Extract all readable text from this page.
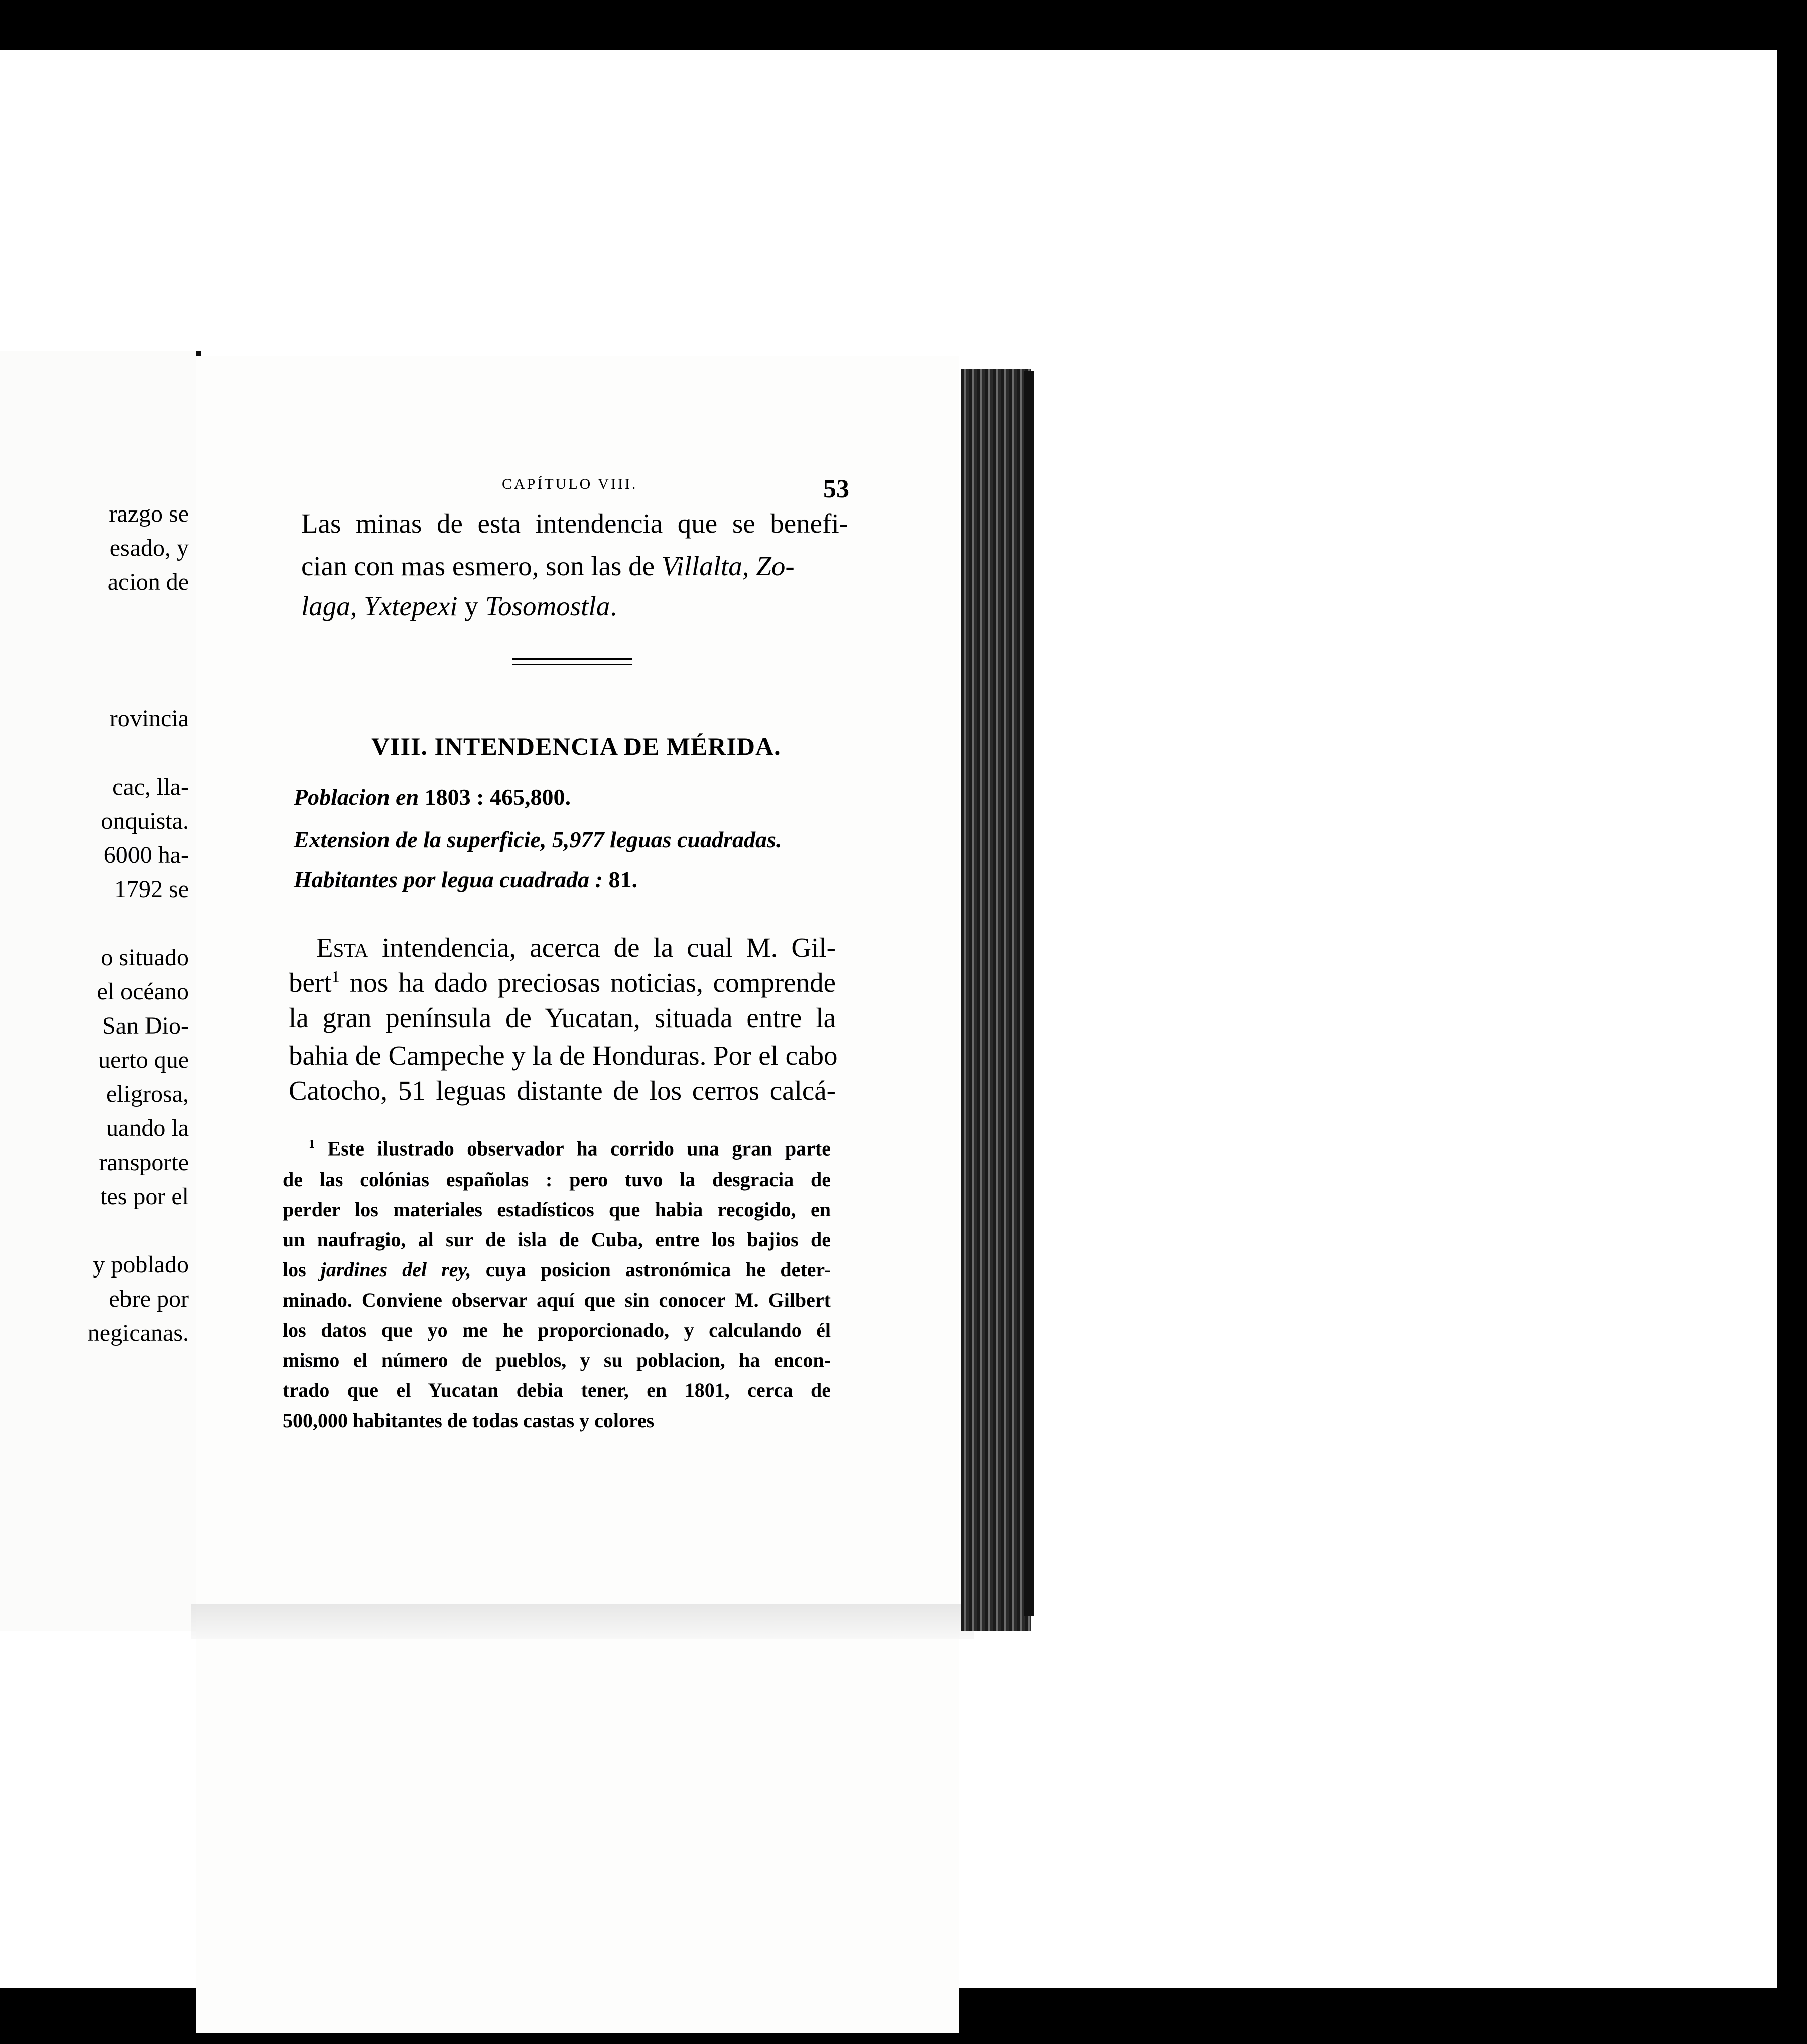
razgo se
esado, y
acion de
rovincia
cac, lla-
onquista.
6000 ha-
1792 se
o situado
el océano
San Dio-
uerto que
eligrosa,
uando la
ransporte
tes por el
y poblado
ebre por
negicanas.
CAPÍTULO VIII.	53
Las minas de esta intendencia que se benefi-
cian con mas esmero, son las de Villalta, Zo-
laga, Yxtepexi y Tosomostla.
VIII. INTENDENCIA DE MÉRIDA.
Poblacion en 1803 : 465,800.
Extension de la superficie, 5,977 leguas cuadradas.
Habitantes por legua cuadrada : 81.
Esta intendencia, acerca de la cual M. Gil-
bert$^1$ nos ha dado preciosas noticias, comprende
la gran península de Yucatan, situada entre la
bahia de Campeche y la de Honduras. Por el cabo
Catocho, 51 leguas distante de los cerros calcá-
$^1$ Este ilustrado observador ha corrido una gran parte
de las colónias españolas : pero tuvo la desgracia de
perder los materiales estadísticos que habia recogido, en
un naufragio, al sur de isla de Cuba, entre los bajios de
los jardines del rey, cuya posicion astronómica he deter-
minado. Conviene observar aquí que sin conocer M. Gilbert
los datos que yo me he proporcionado, y calculando él
mismo el número de pueblos, y su poblacion, ha encon-
trado que el Yucatan debia tener, en 1801, cerca de
500,000 habitantes de todas castas y colores
